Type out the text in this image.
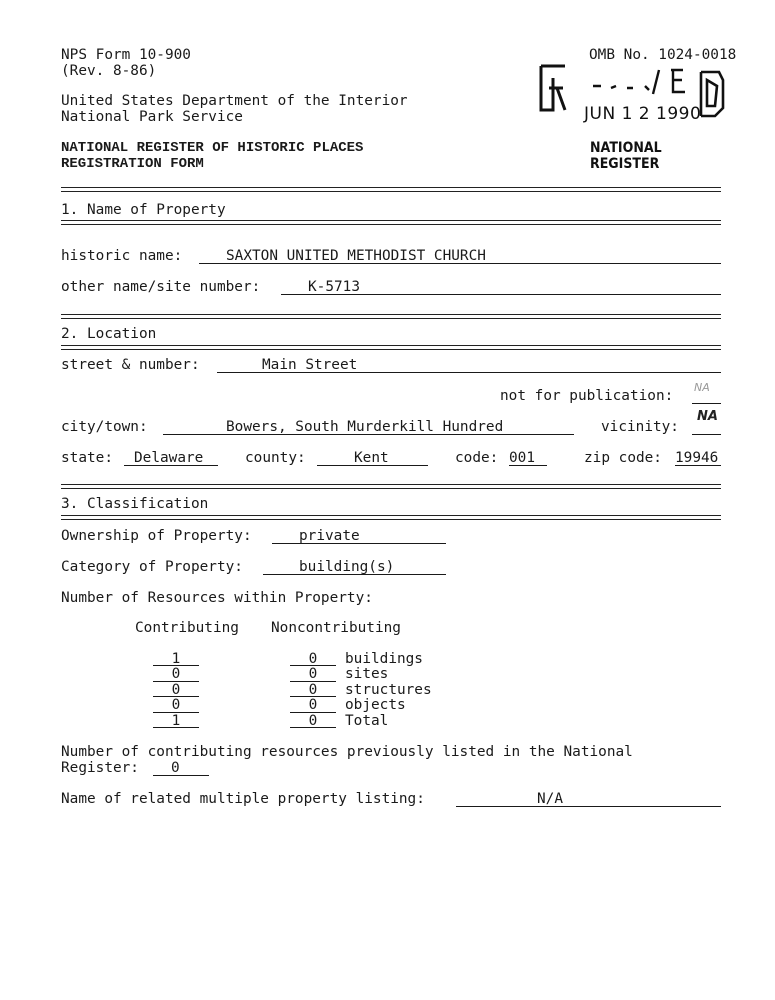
NPS Form 10-900
(Rev. 8-86)
OMB No. 1024-0018
United States Department of the Interior
National Park Service
NATIONAL REGISTER OF HISTORIC PLACES
REGISTRATION FORM
JUN 1 2 1990
NATIONAL
REGISTER
1. Name of Property
historic name:	SAXTON UNITED METHODIST CHURCH
other name/site number:	K-5713
2. Location
street & number:	Main Street
not for publication:
NA
city/town:	Bowers, South Murderkill Hundred	vicinity:
NA
state: Delaware	county:	Kent	code: 001	zip code: 19946
3. Classification
Ownership of Property:	private
Category of Property:	building(s)
Number of Resources within Property:
Contributing Noncontributing
1	0	buildings
0	0	sites
0	0	structures
0	0	objects
1	0	Total
Number of contributing resources previously listed in the National
Register: 0
Name of related multiple property listing:	N/A
